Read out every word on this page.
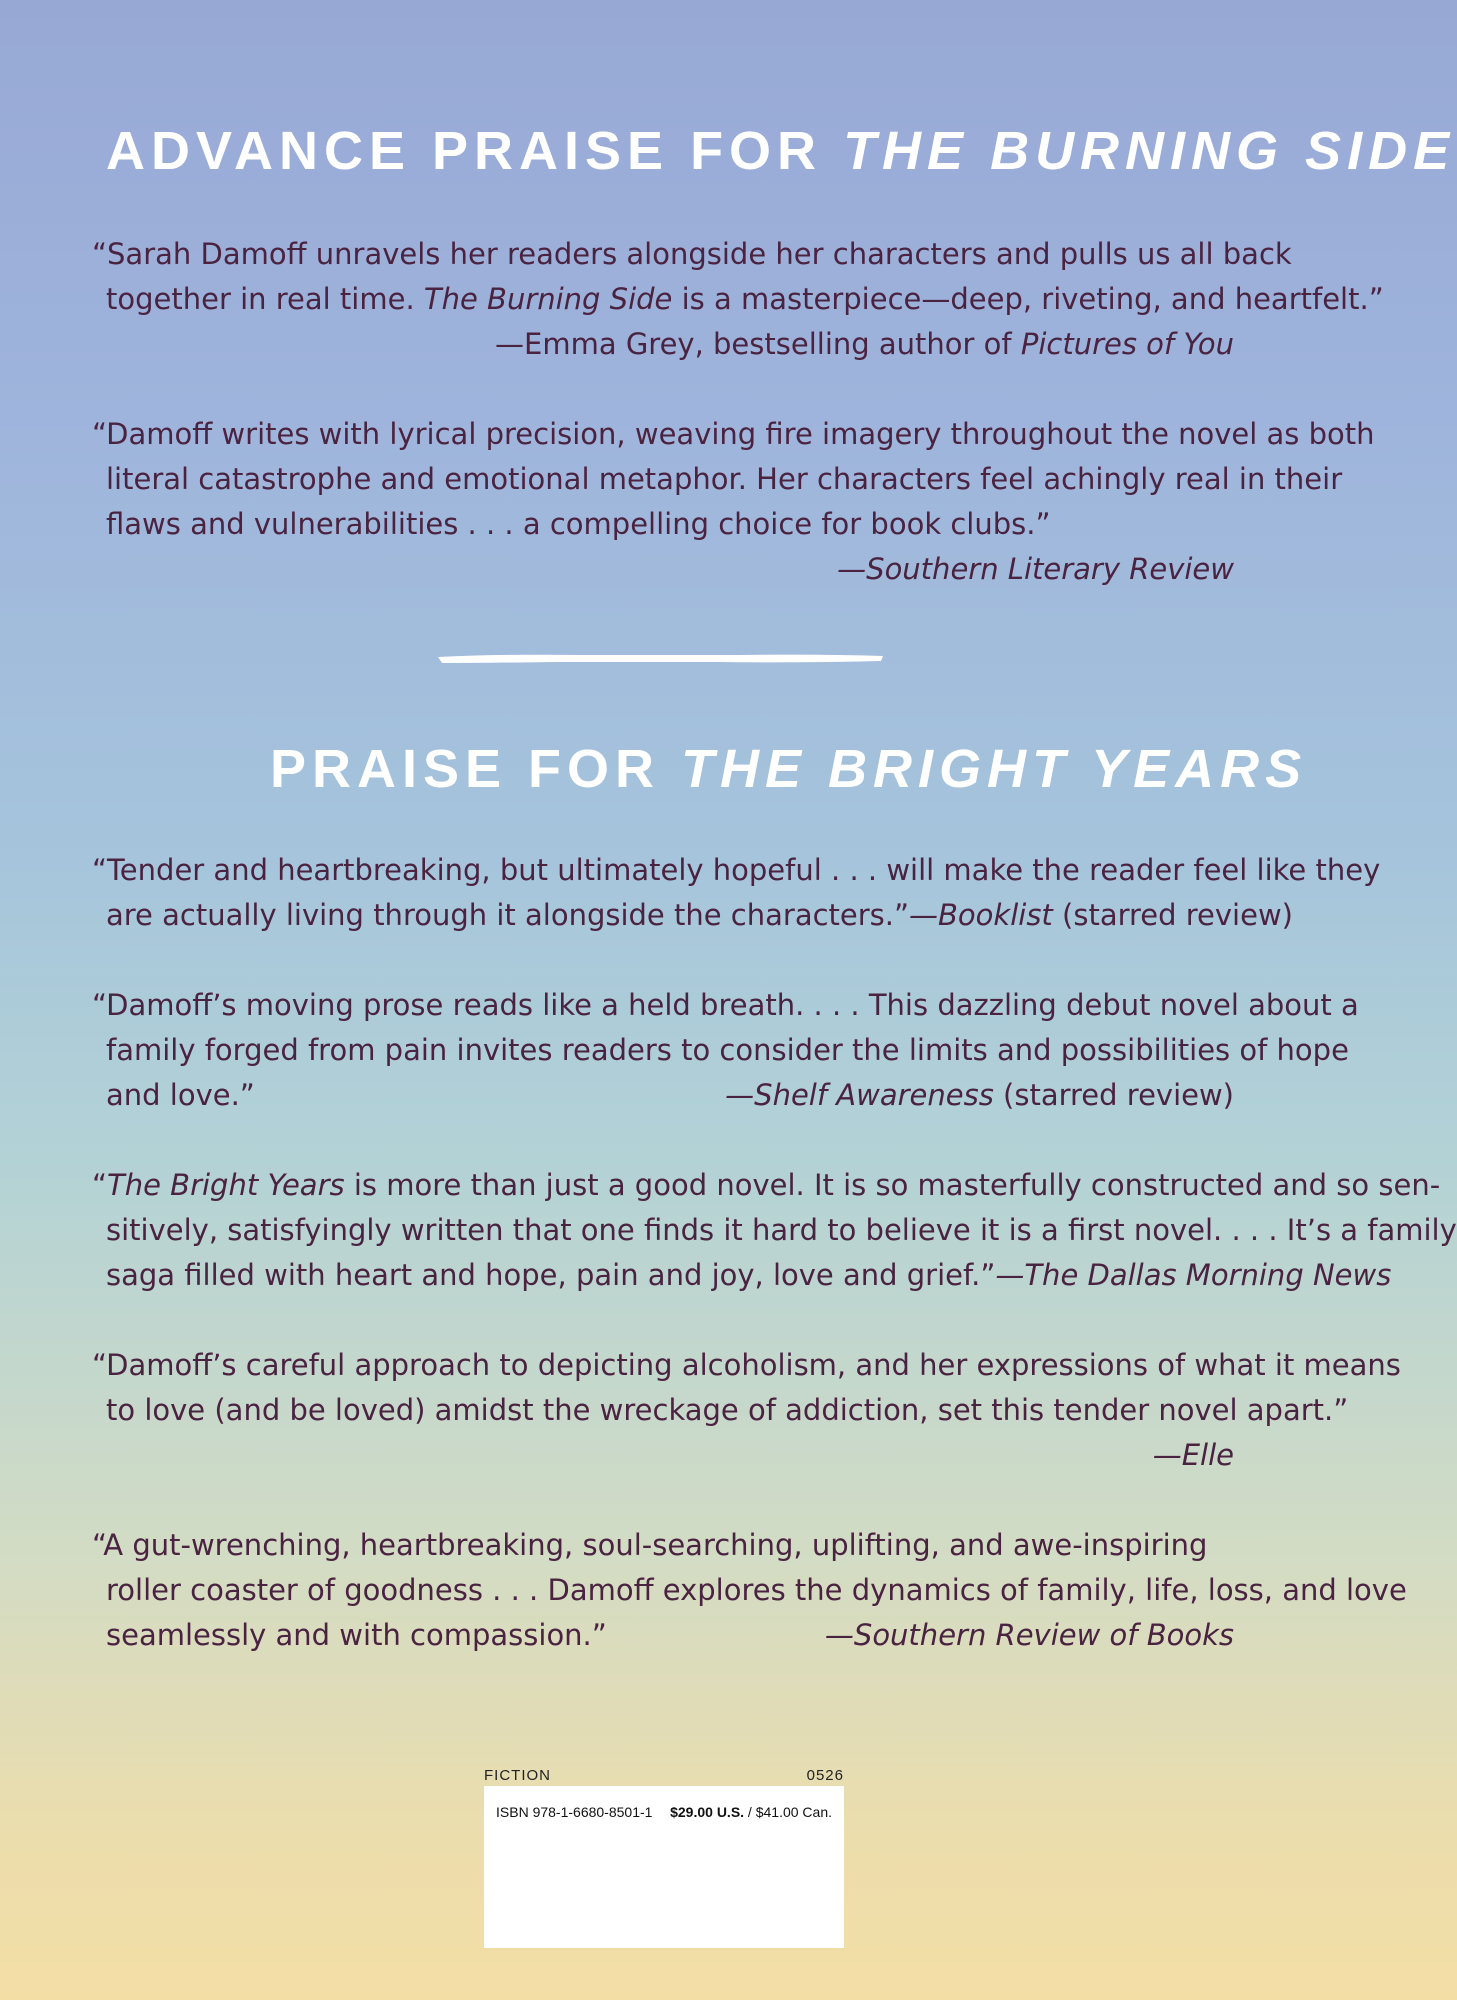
ADVANCE PRAISE FOR THE BURNING SIDE
“Sarah Damoff unravels her readers alongside her characters and pulls us all back
together in real time. The Burning Side is a masterpiece—deep, riveting, and heartfelt.”
—Emma Grey, bestselling author of Pictures of You
“Damoff writes with lyrical precision, weaving fire imagery throughout the novel as both
literal catastrophe and emotional metaphor. Her characters feel achingly real in their
flaws and vulnerabilities . . . a compelling choice for book clubs.”
—Southern Literary Review
PRAISE FOR THE BRIGHT YEARS
“Tender and heartbreaking, but ultimately hopeful . . . will make the reader feel like they
are actually living through it alongside the characters.” —Booklist (starred review)
“Damoff’s moving prose reads like a held breath. . . . This dazzling debut novel about a
family forged from pain invites readers to consider the limits and possibilities of hope
and love.”	—Shelf Awareness (starred review)
“The Bright Years is more than just a good novel. It is so masterfully constructed and so sen-
sitively, satisfyingly written that one finds it hard to believe it is a first novel. . . . It’s a family
saga filled with heart and hope, pain and joy, love and grief.” —The Dallas Morning News
“Damoff’s careful approach to depicting alcoholism, and her expressions of what it means
to love (and be loved) amidst the wreckage of addiction, set this tender novel apart.”
—Elle
“A gut-wrenching, heartbreaking, soul-searching, uplifting, and awe-inspiring
roller coaster of goodness . . . Damoff explores the dynamics of family, life, loss, and love
seamlessly and with compassion.”	—Southern Review of Books
FICTION	0526
ISBN 978-1-6680-8501-1 $29.00 U.S. / $41.00 Can.
